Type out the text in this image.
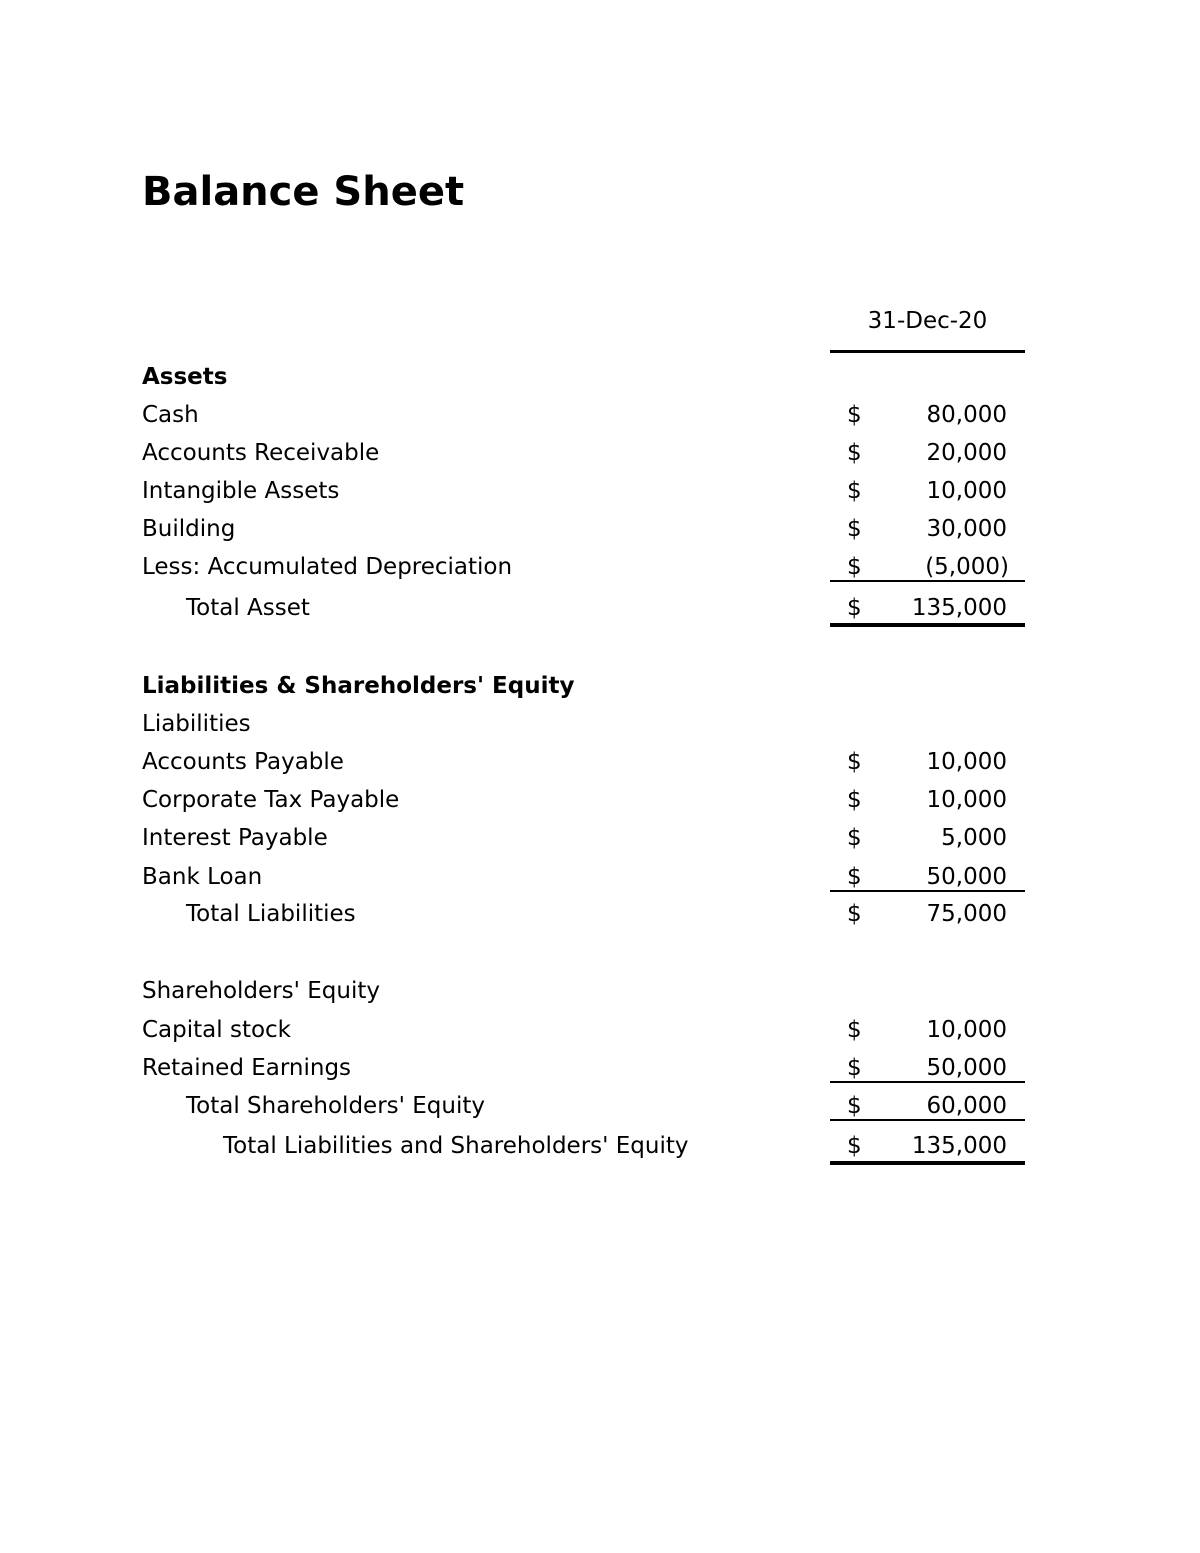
Balance Sheet
31-Dec-20
Assets
Cash	$	80,000
Accounts Receivable	$	20,000
Intangible Assets	$	10,000
Building	$	30,000
Less: Accumulated Depreciation	$	(5,000)
Total Asset	$ 135,000
Liabilities & Shareholders' Equity
Liabilities
Accounts Payable	$	10,000
Corporate Tax Payable	$	10,000
Interest Payable	$	5,000
Bank Loan	$	50,000
Total Liabilities	$	75,000
Shareholders' Equity
Capital stock	$	10,000
Retained Earnings	$	50,000
Total Shareholders' Equity	$	60,000
Total Liabilities and Shareholders' Equity	$ 135,000
